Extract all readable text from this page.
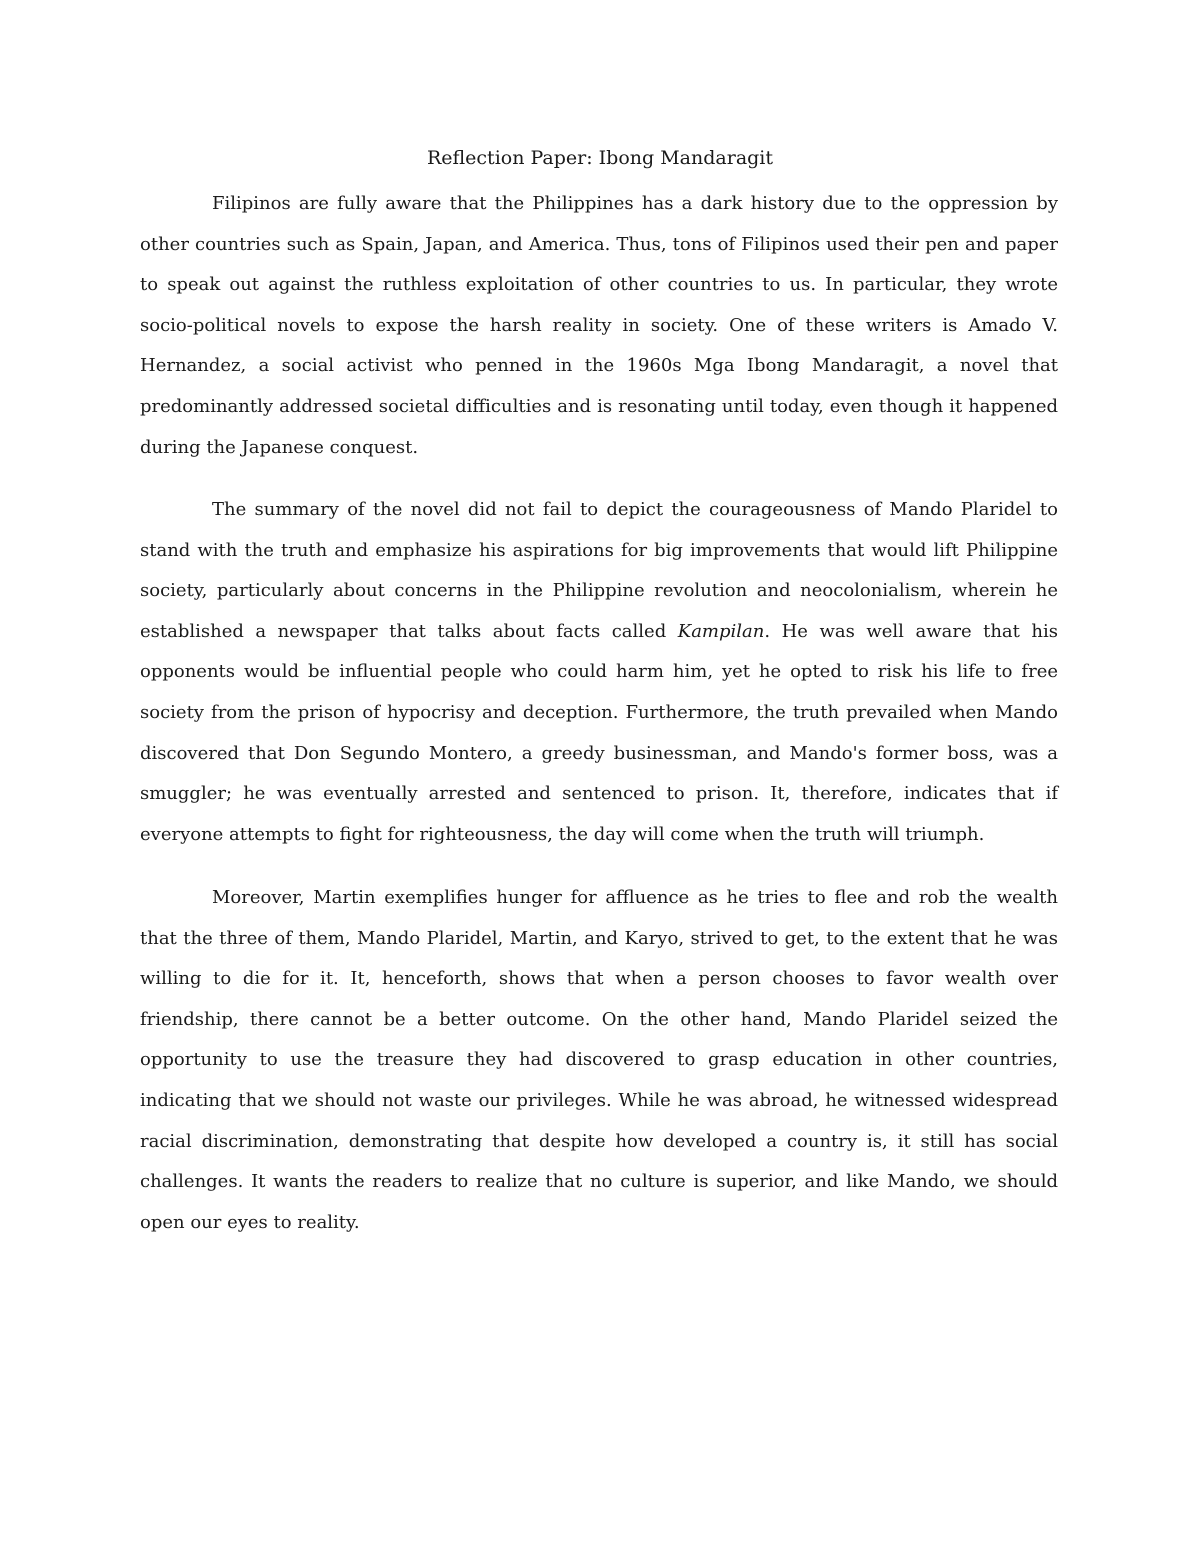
Reflection Paper: Ibong Mandaragit

Filipinos are fully aware that the Philippines has a dark history due to the oppression by other countries such as Spain, Japan, and America. Thus, tons of Filipinos used their pen and paper to speak out against the ruthless exploitation of other countries to us. In particular, they wrote socio-political novels to expose the harsh reality in society. One of these writers is Amado V. Hernandez, a social activist who penned in the 1960s Mga Ibong Mandaragit, a novel that predominantly addressed societal difficulties and is resonating until today, even though it happened during the Japanese conquest.

The summary of the novel did not fail to depict the courageousness of Mando Plaridel to stand with the truth and emphasize his aspirations for big improvements that would lift Philippine society, particularly about concerns in the Philippine revolution and neocolonialism, wherein he established a newspaper that talks about facts called Kampilan. He was well aware that his opponents would be influential people who could harm him, yet he opted to risk his life to free society from the prison of hypocrisy and deception. Furthermore, the truth prevailed when Mando discovered that Don Segundo Montero, a greedy businessman, and Mando's former boss, was a smuggler; he was eventually arrested and sentenced to prison. It, therefore, indicates that if everyone attempts to fight for righteousness, the day will come when the truth will triumph.

Moreover, Martin exemplifies hunger for affluence as he tries to flee and rob the wealth that the three of them, Mando Plaridel, Martin, and Karyo, strived to get, to the extent that he was willing to die for it. It, henceforth, shows that when a person chooses to favor wealth over friendship, there cannot be a better outcome. On the other hand, Mando Plaridel seized the opportunity to use the treasure they had discovered to grasp education in other countries, indicating that we should not waste our privileges. While he was abroad, he witnessed widespread racial discrimination, demonstrating that despite how developed a country is, it still has social challenges. It wants the readers to realize that no culture is superior, and like Mando, we should open our eyes to reality.
